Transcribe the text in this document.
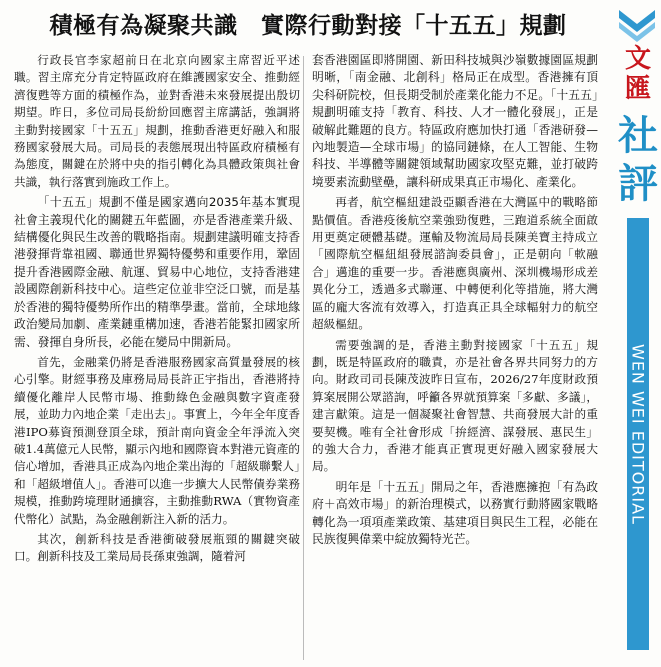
積極有為凝聚共識　實際行動對接「十五五」規劃

行政長官李家超前日在北京向國家主席習近平述職。習主席充分肯定特區政府在維護國家安全、推動經濟復甦等方面的積極作為，並對香港未來發展提出殷切期望。昨日，多位司局長紛紛回應習主席講話，強調將主動對接國家「十五五」規劃，推動香港更好融入和服務國家發展大局。司局長的表態展現出特區政府積極有為態度，關鍵在於將中央的指引轉化為具體政策與社會共識，執行落實到施政工作上。

「十五五」規劃不僅是國家邁向2035年基本實現社會主義現代化的關鍵五年藍圖，亦是香港產業升級、結構優化與民生改善的戰略指南。規劃建議明確支持香港發揮背靠祖國、聯通世界獨特優勢和重要作用，鞏固提升香港國際金融、航運、貿易中心地位，支持香港建設國際創新科技中心。這些定位並非空泛口號，而是基於香港的獨特優勢所作出的精準學畫。當前，全球地緣政治變局加劇、產業鏈重構加速，香港若能緊扣國家所需、發揮自身所長，必能在變局中開新局。

首先，金融業仍將是香港服務國家高質量發展的核心引擎。財經事務及庫務局局長許正宇指出，香港將持續優化離岸人民幣市場、推動綠色金融與數字資產發展，並助力內地企業「走出去」。事實上，今年全年度香港IPO募資預測登頂全球，預計南向資金全年淨流入突破1.4萬億元人民幣，顯示內地和國際資本對港元資產的信心增加，香港具正成為內地企業出海的「超級聯繫人」和「超級增值人」。香港可以進一步擴大人民幣債券業務規模，推動跨境理財通擴容，主動推動RWA（實物資產代幣化）試點，為金融創新注入新的活力。

其次，創新科技是香港衝破發展瓶頸的關鍵突破口。創新科技及工業局局長孫東強調，隨着河

套香港園區即將開園、新田科技城與沙嶺數據園區規劃明晰，「南金融、北創科」格局正在成型。香港擁有頂尖科研院校，但長期受制於產業化能力不足。「十五五」規劃明確支持「教育、科技、人才一體化發展」，正是破解此難題的良方。特區政府應加快打通「香港研發—內地製造—全球市場」的協同鏈條，在人工智能、生物科技、半導體等關鍵領域幫助國家攻堅克難，並打破跨境要素流動壁壘，讓科研成果真正市場化、產業化。

再者，航空樞紐建設亞顯香港在大灣區中的戰略節點價值。香港疫後航空業強勁復甦，三跑道系統全面啟用更奠定硬體基礎。運輸及物流局局長陳美寶主持成立「國際航空樞紐組發展諮詢委員會」，正是朝向「軟融合」邁進的重要一步。香港應與廣州、深圳機場形成差異化分工，透過多式聯運、中轉便利化等措施，將大灣區的龐大客流有效導入，打造真正具全球輻射力的航空超級樞紐。

需要強調的是，香港主動對接國家「十五五」規劃，既是特區政府的職責，亦是社會各界共同努力的方向。財政司司長陳茂波昨日宣布，2026/27年度財政預算案展開公眾諮詢，呼籲各界就預算案「多獻、多議」，建言獻策。這是一個凝聚社會智慧、共商發展大計的重要契機。唯有全社會形成「拚經濟、謀發展、惠民生」的強大合力，香港才能真正實現更好融入國家發展大局。

明年是「十五五」開局之年，香港應擁抱「有為政府＋高效市場」的新治理模式，以務實行動將國家戰略轉化為一項項產業政策、基建項目與民生工程，必能在民族復興偉業中綻放獨特光芒。

文
匯
社
評
WEN WEI EDITORIAL
